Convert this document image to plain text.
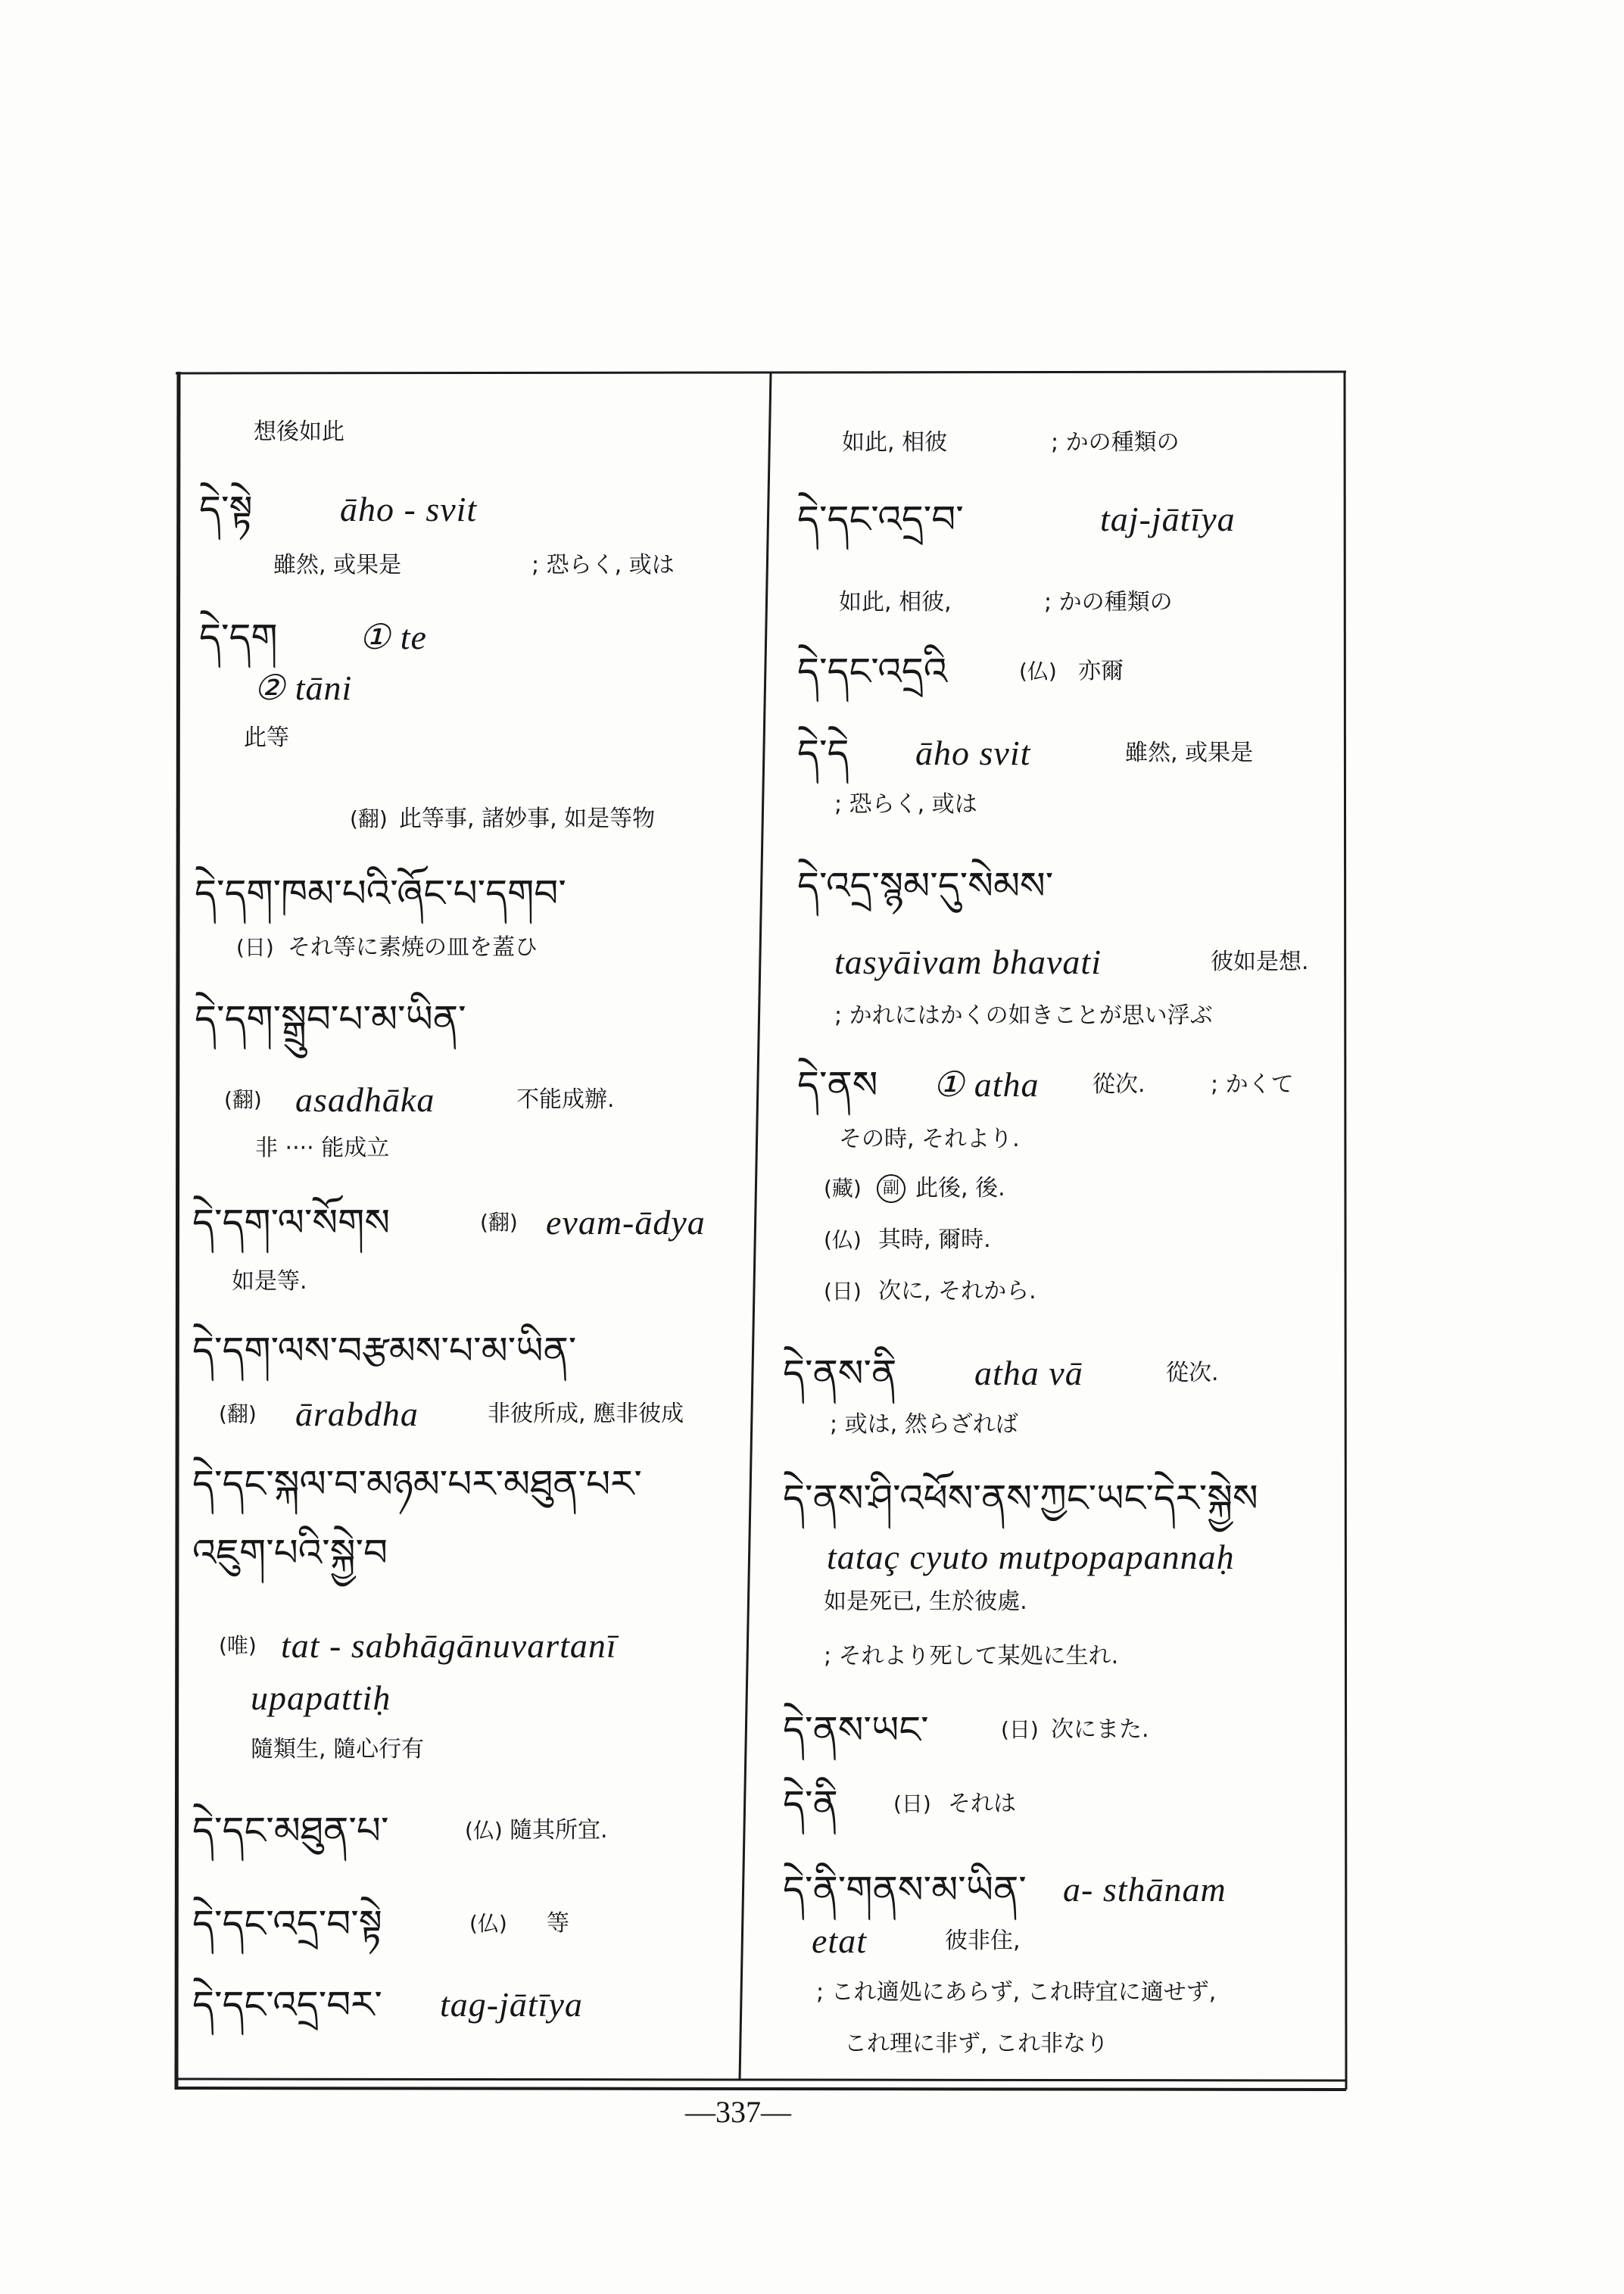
想後如此
དེ་སྟེ	āho - svit
雖然, 或果是	; 恐らく, 或は
དེ་དག ① te
② tāni
此等
(翻) 此等事, 諸妙事, 如是等物
དེ་དག་ཁམ་པའི་ཞོང་པ་དགབ་
(日) それ等に素焼の皿を蓋ひ
དེ་དག་སྒྲུབ་པ་མ་ཡིན་
(翻) asadhāka	不能成辦.
非 ···· 能成立
དེ་དག་ལ་སོགས	(翻) evam-ādya
如是等.
དེ་དག་ལས་བརྩམས་པ་མ་ཡིན་
(翻) ārabdha	非彼所成, 應非彼成
དེ་དང་སྐལ་བ་མཉམ་པར་མཐུན་པར་
འཇུག་པའི་སྐྱེ་བ
(唯) tat - sabhāgānuvartanī
upapattiḥ
隨類生, 隨心行有
དེ་དང་མཐུན་པ་	(仏) 隨其所宜.
དེ་དང་འདྲ་བ་སྟེ	(仏) 等
དེ་དང་འདྲ་བར་ tag-jātīya
如此, 相彼	; かの種類の
དེ་དང་འདྲ་བ་	taj-jātīya
如此, 相彼,	; かの種類の
དེ་དང་འདྲའི	(仏) 亦爾
དེ་དེ āho svit	雖然, 或果是
; 恐らく, 或は
དེ་འདྲ་སྙམ་དུ་སེམས་
tasyāivam bhavati	彼如是想.
; かれにはかくの如きことが思い浮ぶ
དེ་ནས ① atha 從次.	; かくて
その時, それより.
(藏)	副 此後, 後.
(仏) 其時, 爾時.
(日) 次に, それから.
དེ་ནས་ནི atha vā	從次.
; 或は, 然らざれば
དེ་ནས་ཤི་འཕོས་ནས་ཀྱང་ཡང་དེར་སྐྱེས
tataç cyuto mutpopapannaḥ
如是死已, 生於彼處.
; それより死して某処に生れ.
དེ་ནས་ཡང་	(日) 次にまた.
དེ་ནི	(日) それは
དེ་ནི་གནས་མ་ཡིན་ a- sthānam
etat	彼非住,
; これ適処にあらず, これ時宜に適せず,
これ理に非ず, これ非なり
—337—
